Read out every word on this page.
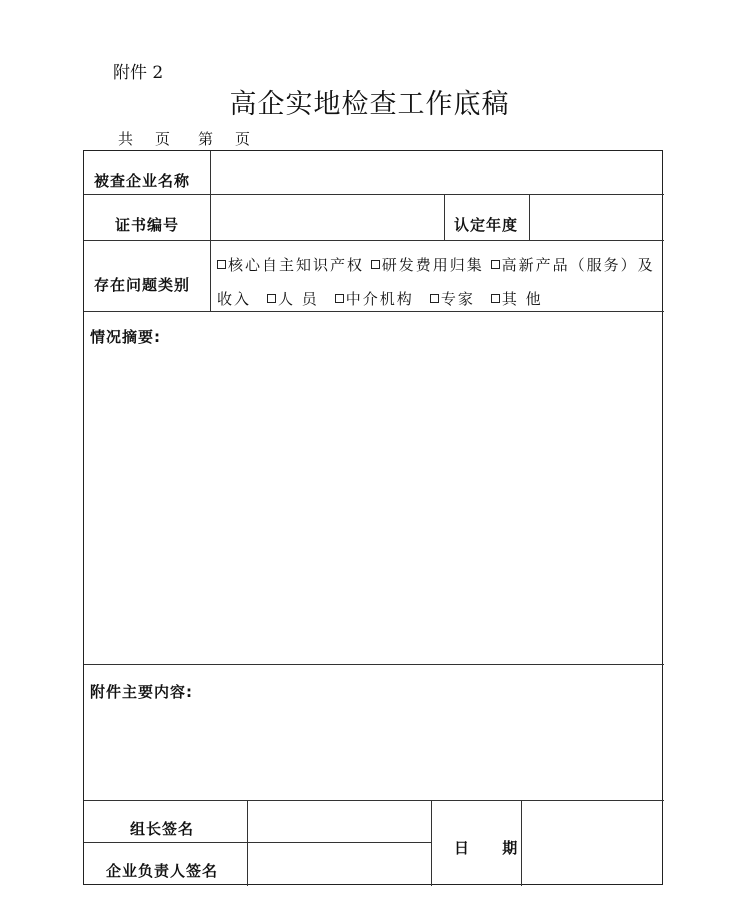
附件 2
高企实地检查工作底稿
共 页 第 页
被查企业名称
证书编号	认定年度
存在问题类别
核心自主知识产权 研发费用归集 高新产品（服务）及
收入	人 员	中介机构	专家	其 他
情况摘要:
附件主要内容:
组长签名
企业负责人签名
日 期
